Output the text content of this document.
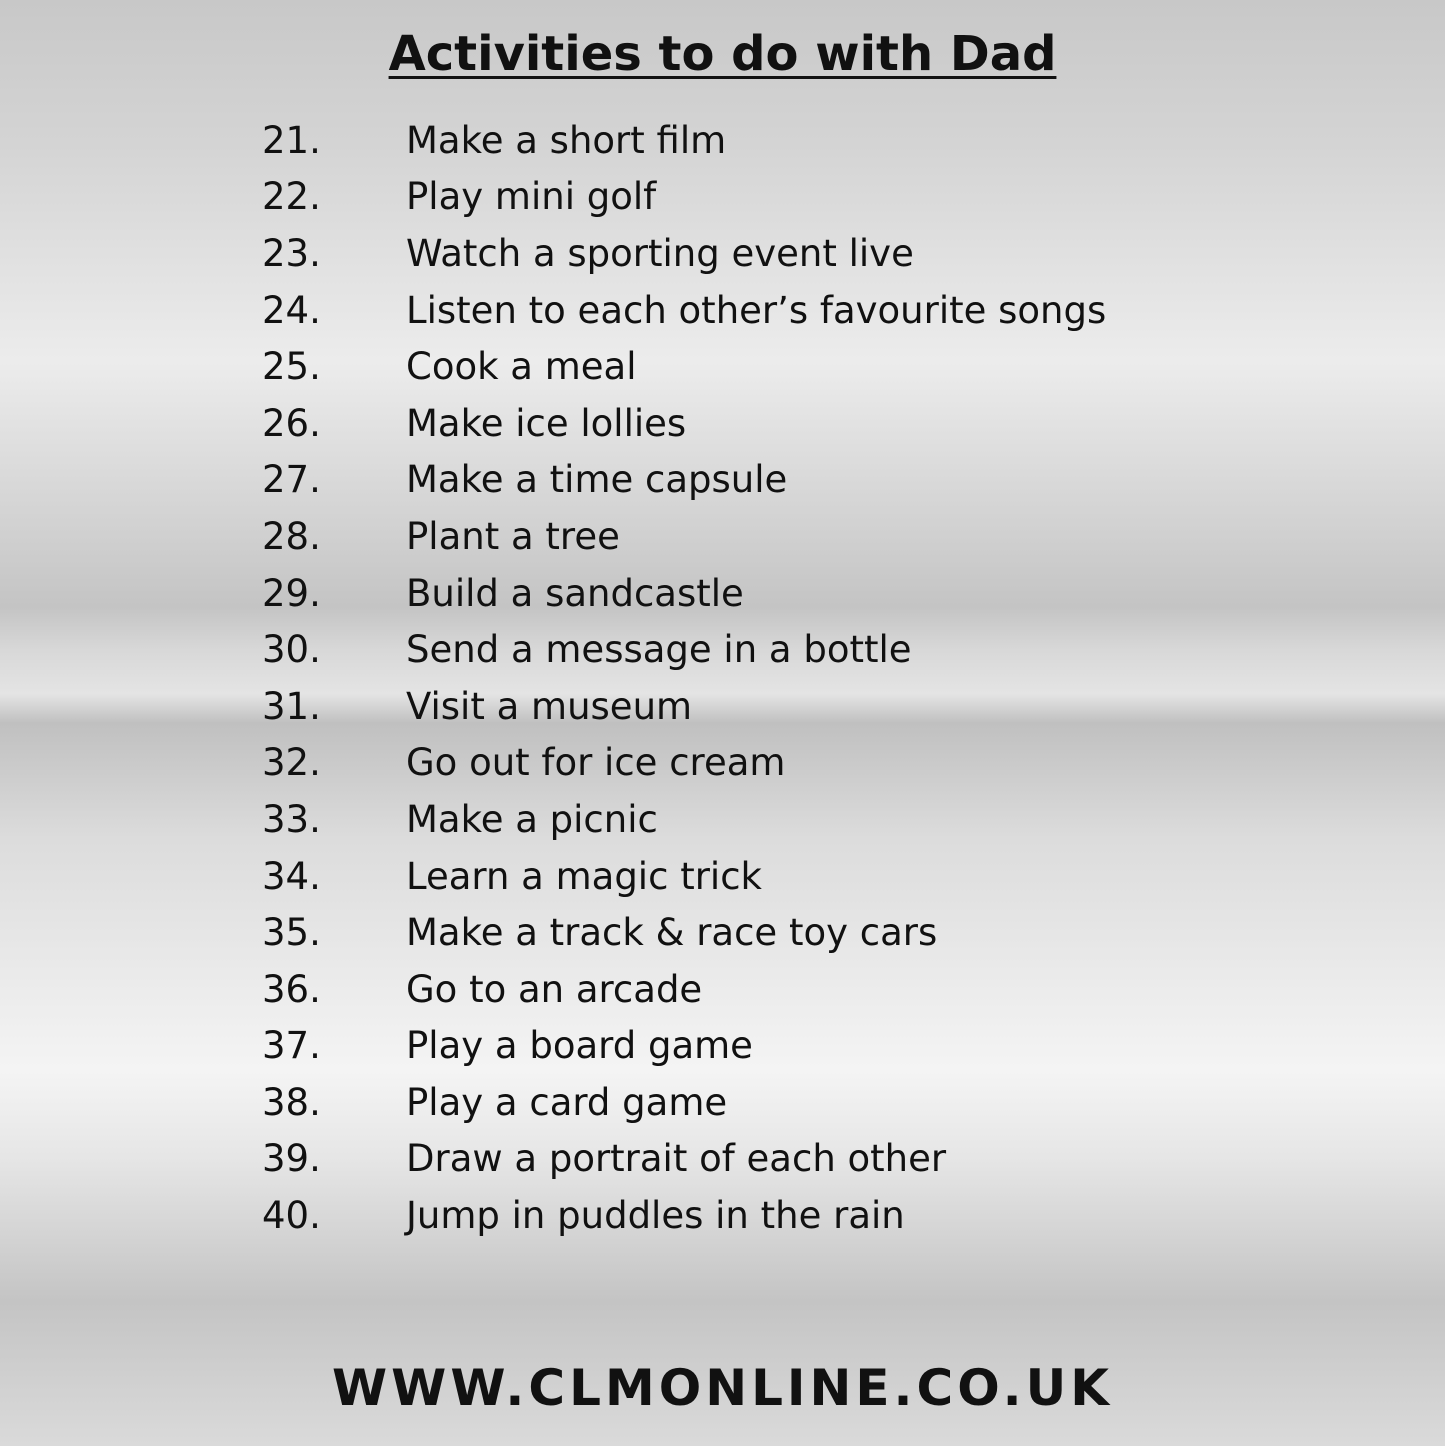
Activities to do with Dad
21.	Make a short film
22.	Play mini golf
23.	Watch a sporting event live
24.	Listen to each other’s favourite songs
25.	Cook a meal
26.	Make ice lollies
27.	Make a time capsule
28.	Plant a tree
29.	Build a sandcastle
30.	Send a message in a bottle
31.	Visit a museum
32.	Go out for ice cream
33.	Make a picnic
34.	Learn a magic trick
35.	Make a track & race toy cars
36.	Go to an arcade
37.	Play a board game
38.	Play a card game
39.	Draw a portrait of each other
40.	Jump in puddles in the rain
WWW.CLMONLINE.CO.UK
